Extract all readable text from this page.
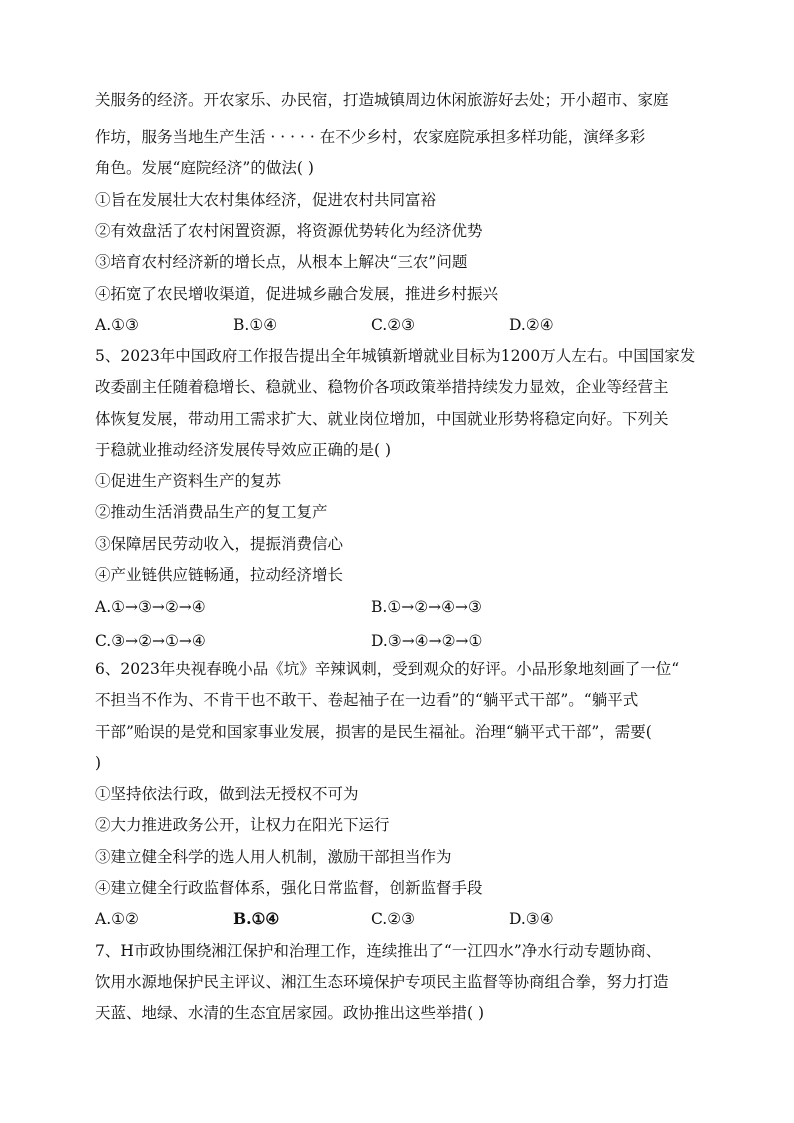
关服务的经济。开农家乐、办民宿，打造城镇周边休闲旅游好去处；开小超市、家庭
作坊，服务当地生产生活 · · · · · 在不少乡村，农家庭院承担多样功能，演绎多彩
角色。发展“庭院经济”的做法( )
①旨在发展壮大农村集体经济，促进农村共同富裕
②有效盘活了农村闲置资源，将资源优势转化为经济优势
③培育农村经济新的增长点，从根本上解决“三农”问题
④拓宽了农民增收渠道，促进城乡融合发展，推进乡村振兴
A.①③	B.①④	C.②③	D.②④
5、2023年中国政府工作报告提出全年城镇新增就业目标为1200万人左右。中国国家发
改委副主任随着稳增长、稳就业、稳物价各项政策举措持续发力显效，企业等经营主
体恢复发展，带动用工需求扩大、就业岗位增加，中国就业形势将稳定向好。下列关
于稳就业推动经济发展传导效应正确的是( )
①促进生产资料生产的复苏
②推动生活消费品生产的复工复产
③保障居民劳动收入，提振消费信心
④产业链供应链畅通，拉动经济增长
A.①→③→②→④	B.①→②→④→③
C.③→②→①→④	D.③→④→②→①
6、2023年央视春晚小品《坑》辛辣讽刺，受到观众的好评。小品形象地刻画了一位“
不担当不作为、不肯干也不敢干、卷起袖子在一边看”的“躺平式干部”。“躺平式
干部”贻误的是党和国家事业发展，损害的是民生福祉。治理“躺平式干部”，需要(
)
①坚持依法行政，做到法无授权不可为
②大力推进政务公开，让权力在阳光下运行
③建立健全科学的选人用人机制，激励干部担当作为
④建立健全行政监督体系，强化日常监督，创新监督手段
A.①②	B.①④	C.②③	D.③④
7、H市政协围绕湘江保护和治理工作，连续推出了“一江四水”净水行动专题协商、
饮用水源地保护民主评议、湘江生态环境保护专项民主监督等协商组合拳，努力打造
天蓝、地绿、水清的生态宜居家园。政协推出这些举措( )
